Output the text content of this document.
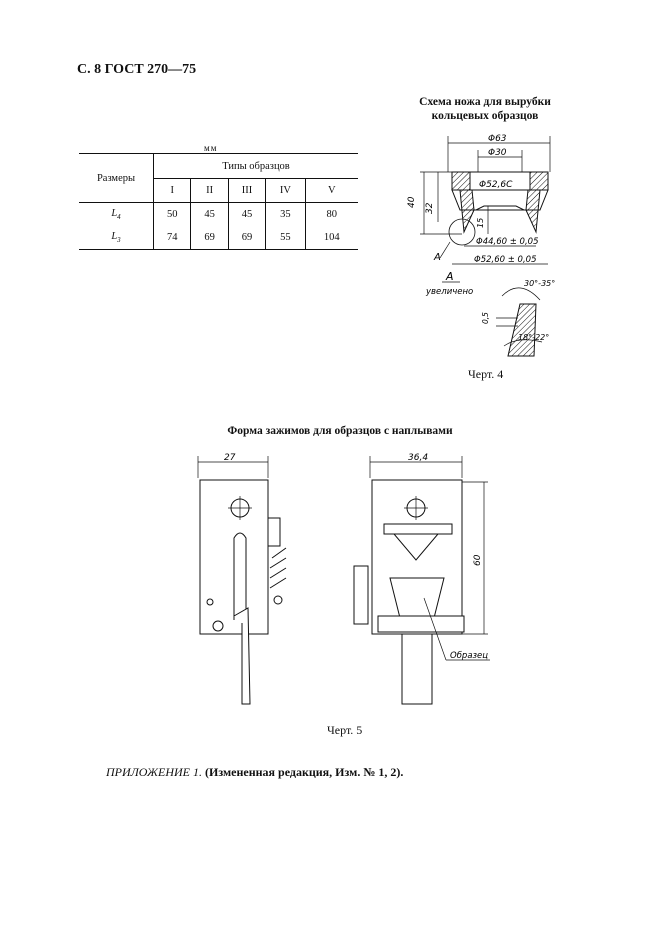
С. 8 ГОСТ 270—75
мм
Размеры	Типы образцов				
	I	II	III	IV	V
$L_4$	50	45	45	35	80
$L_3$	74	69	69	55	104
Схема ножа для вырубки
кольцевых образцов
Φ63
Φ30
Φ52,6C
40
32
15
Φ44,60 ± 0,05
Φ52,60 ± 0,05
A
A
увеличено
30°-35°
0,5
18°-22°
Черт. 4
Форма зажимов для образцов с наплывами
27	36,4
60
Образец
Черт. 5
ПРИЛОЖЕНИЕ 1. (Измененная редакция, Изм. № 1, 2).
